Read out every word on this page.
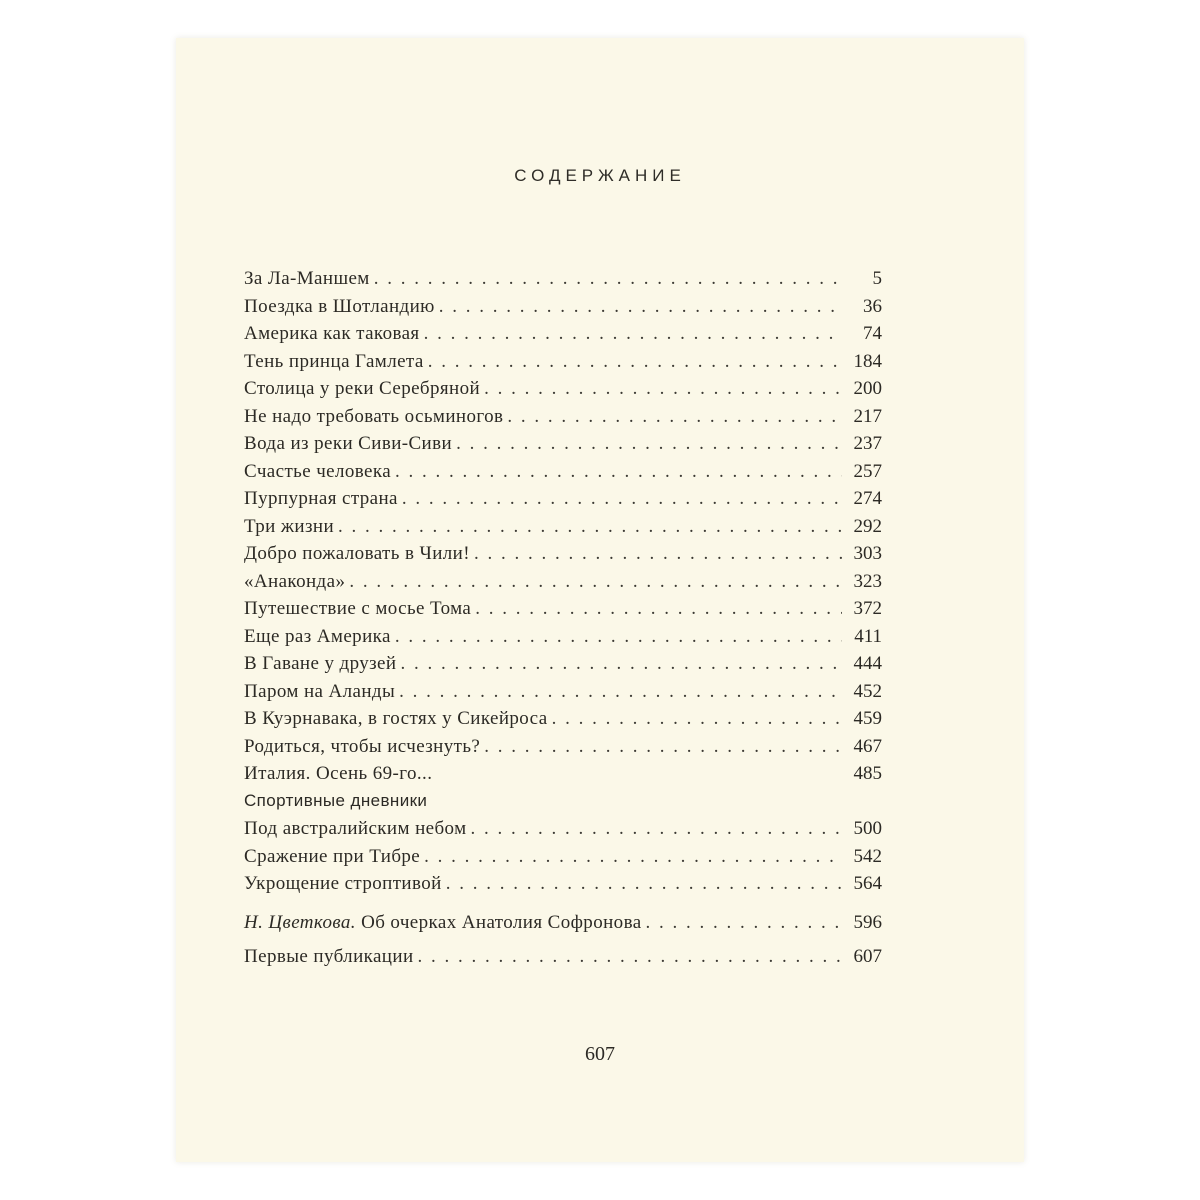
СОДЕРЖАНИЕ
За Ла-Маншем . . .	5
Поездка в Шотландию . . .	36
Америка как таковая . . .	74
Тень принца Гамлета . . .	184
Столица у реки Серебряной . . .	200
Не надо требовать осьминогов . . .	217
Вода из реки Сиви-Сиви . . .	237
Счастье человека . . .	257
Пурпурная страна . . .	274
Три жизни . . .	292
Добро пожаловать в Чили! . . .	303
«Анаконда» . . .	323
Путешествие с мосье Тома . . .	372
Еще раз Америка . . .	411
В Гаване у друзей . . .	444
Паром на Аланды . . .	452
В Куэрнавака, в гостях у Сикейроса . . .	459
Родиться, чтобы исчезнуть? . . .	467
Италия. Осень 69-го...	485
Спортивные дневники
Под австралийским небом . . .	500
Сражение при Тибре . . .	542
Укрощение строптивой . . .	564
Н. Цветкова. Об очерках Анатолия Софронова . . .	596
Первые публикации . . .	607
607
